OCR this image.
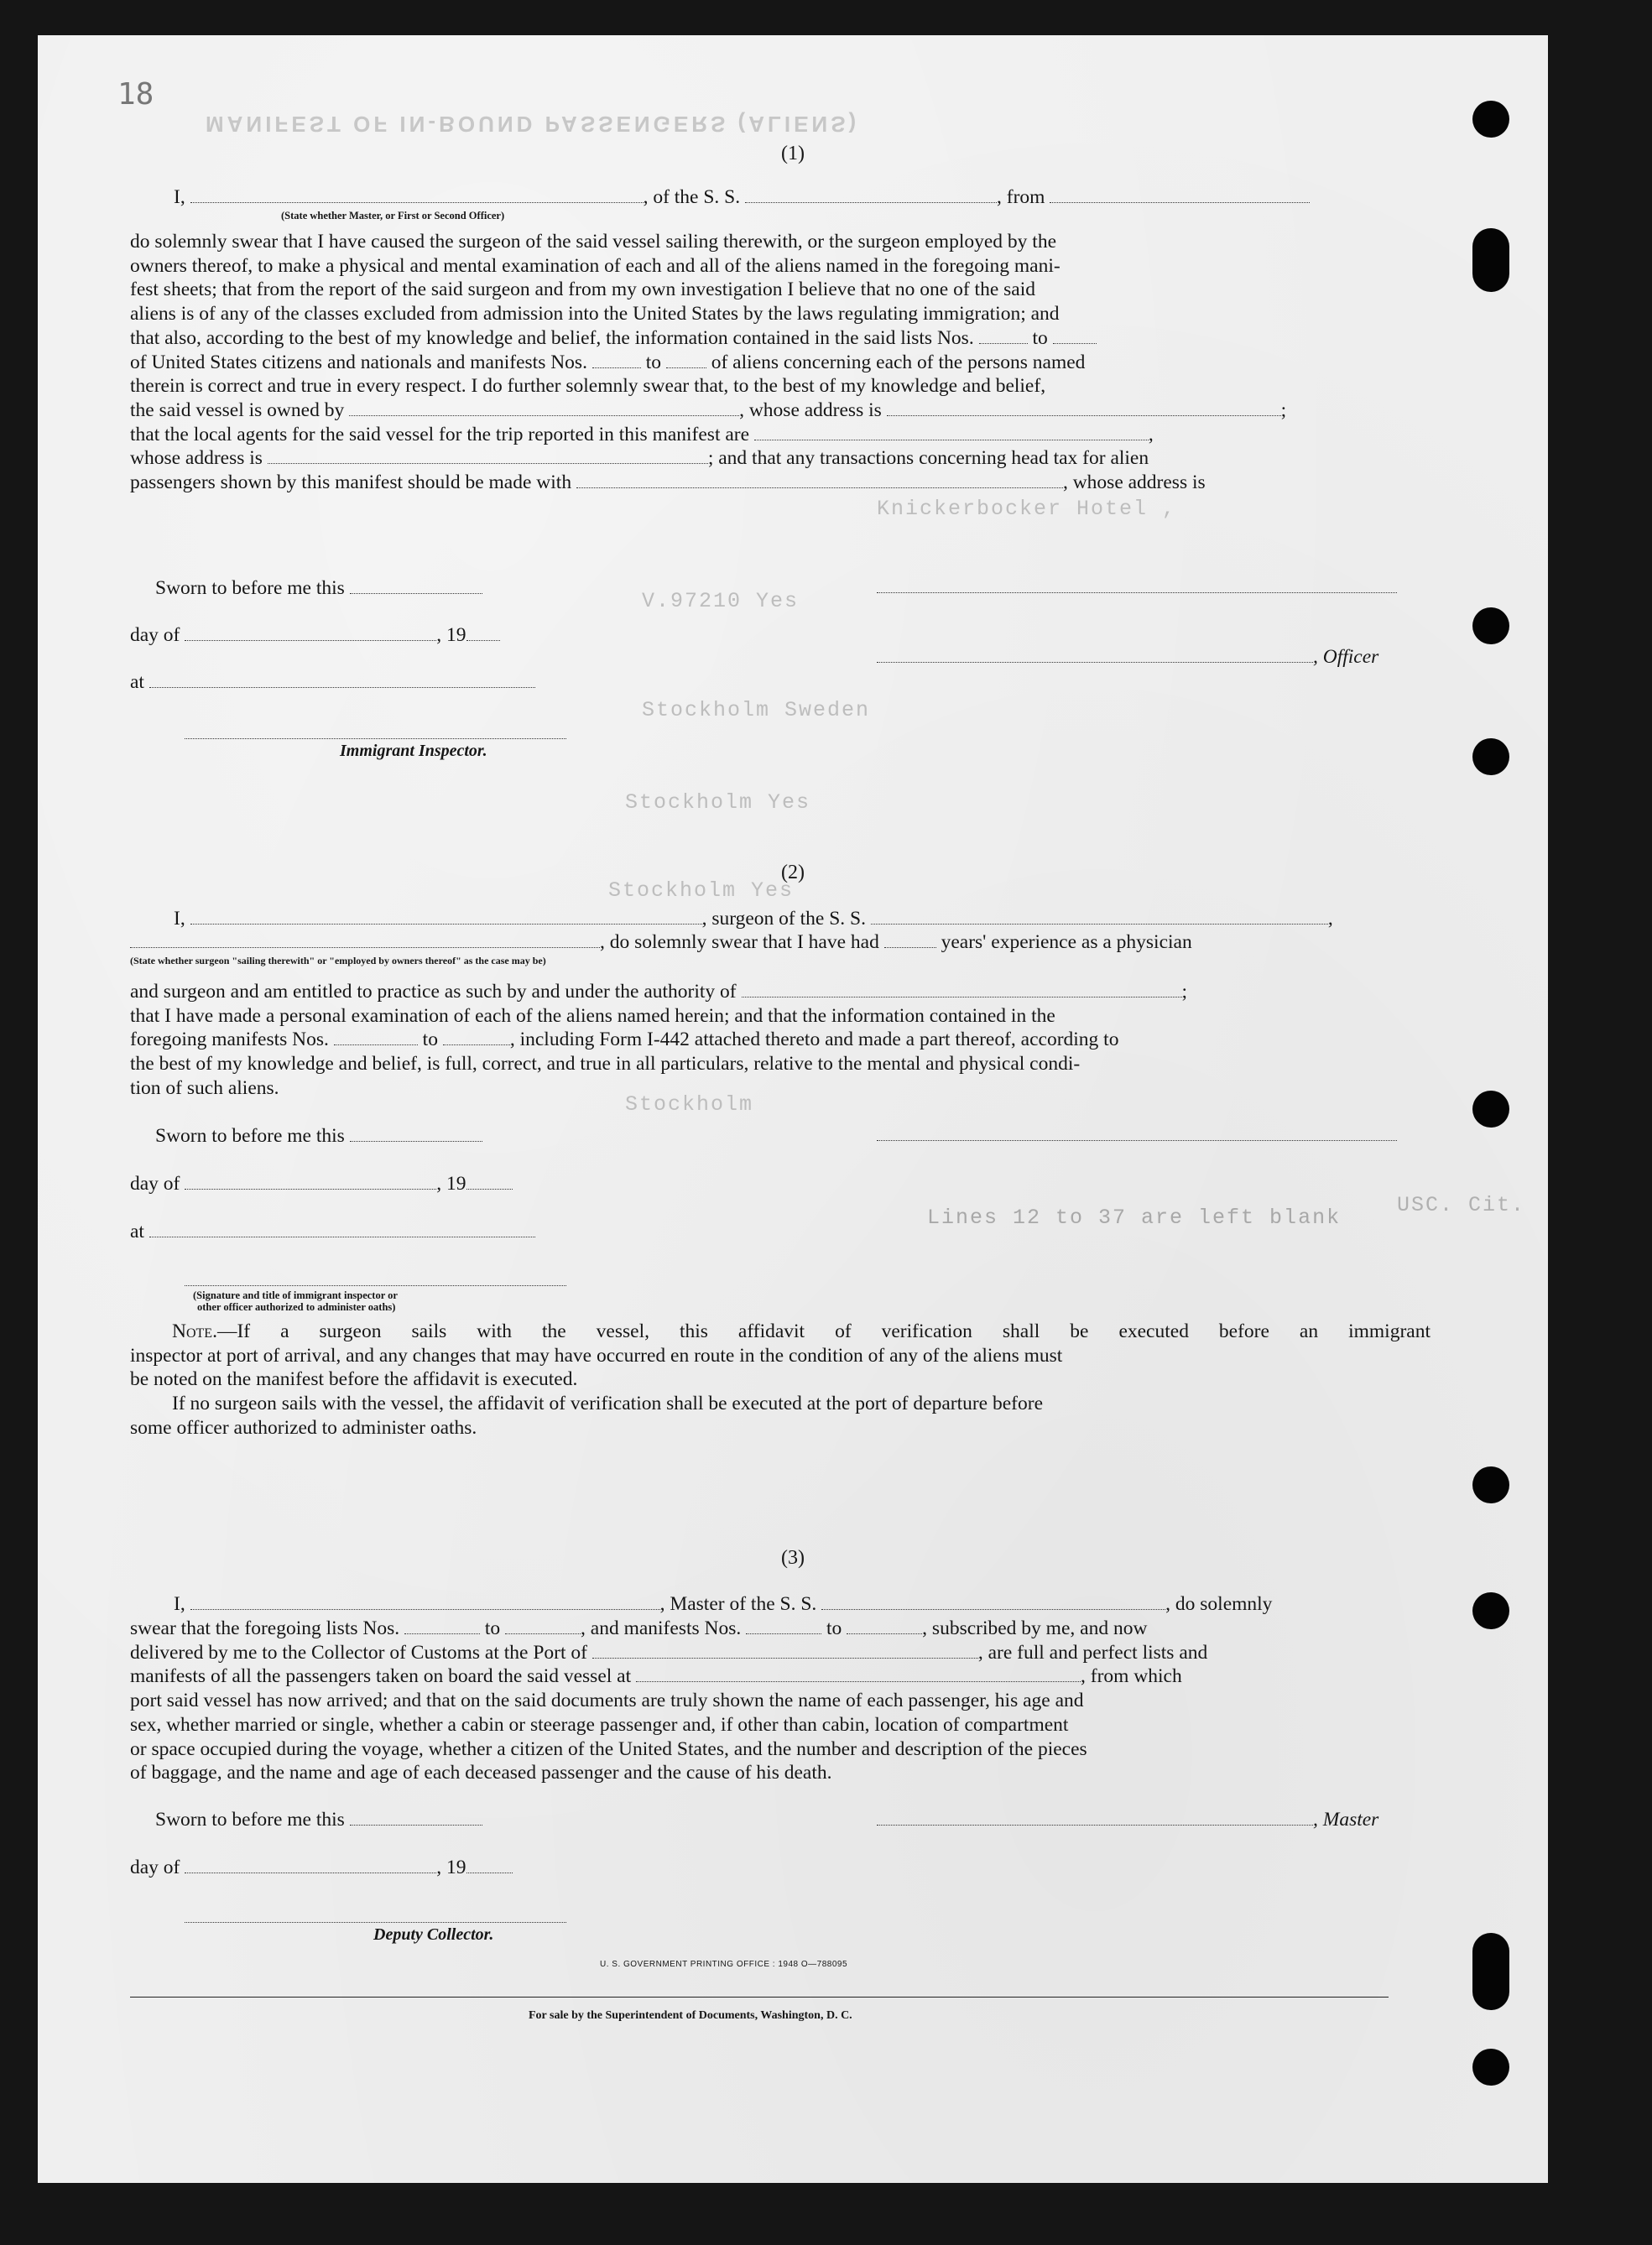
MANIFEST OF IN-BOUND PASSENGERS (ALIENS)
Knickerbocker Hotel ,
V.97210 Yes
Stockholm Sweden
Stockholm Yes
Stockholm Yes
Stockholm
Lines 12 to 37 are left blank
USC. Cit.
18
(1)
I,	, of the S. S.	, from
(State whether Master, or First or Second Officer)
do solemnly swear that I have caused the surgeon of the said vessel sailing therewith, or the surgeon employed by the
owners thereof, to make a physical and mental examination of each and all of the aliens named in the foregoing mani-
fest sheets; that from the report of the said surgeon and from my own investigation I believe that no one of the said
aliens is of any of the classes excluded from admission into the United States by the laws regulating immigration; and
that also, according to the best of my knowledge and belief, the information contained in the said lists Nos.	to
of United States citizens and nationals and manifests Nos.	to	of aliens concerning each of the persons named
therein is correct and true in every respect. I do further solemnly swear that, to the best of my knowledge and belief,
the said vessel is owned by	, whose address is	;
that the local agents for the said vessel for the trip reported in this manifest are	,
whose address is	; and that any transactions concerning head tax for alien
passengers shown by this manifest should be made with	, whose address is
Sworn to before me this
day of	, 19
, Officer
at
Immigrant Inspector.
(2)
I,	, surgeon of the S. S.	,
, do solemnly swear that I have had	years' experience as a physician
(State whether surgeon "sailing therewith" or "employed by owners thereof" as the case may be)
and surgeon and am entitled to practice as such by and under the authority of	;
that I have made a personal examination of each of the aliens named herein; and that the information contained in the
foregoing manifests Nos.	to	, including Form I-442 attached thereto and made a part thereof, according to
the best of my knowledge and belief, is full, correct, and true in all particulars, relative to the mental and physical condi-
tion of such aliens.
Sworn to before me this
day of	, 19
at
(Signature and title of immigrant inspector or
other officer authorized to administer oaths)
Note.—If a surgeon sails with the vessel, this affidavit of verification shall be executed before an immigrant
inspector at port of arrival, and any changes that may have occurred en route in the condition of any of the aliens must
be noted on the manifest before the affidavit is executed.
If no surgeon sails with the vessel, the affidavit of verification shall be executed at the port of departure before
some officer authorized to administer oaths.
(3)
I,	, Master of the S. S.	, do solemnly
swear that the foregoing lists Nos.	to	, and manifests Nos.	to	, subscribed by me, and now
delivered by me to the Collector of Customs at the Port of	, are full and perfect lists and
manifests of all the passengers taken on board the said vessel at	, from which
port said vessel has now arrived; and that on the said documents are truly shown the name of each passenger, his age and
sex, whether married or single, whether a cabin or steerage passenger and, if other than cabin, location of compartment
or space occupied during the voyage, whether a citizen of the United States, and the number and description of the pieces
of baggage, and the name and age of each deceased passenger and the cause of his death.
Sworn to before me this	, Master
day of	, 19
Deputy Collector.
U. S. GOVERNMENT PRINTING OFFICE : 1948 O—788095
For sale by the Superintendent of Documents, Washington, D. C.
